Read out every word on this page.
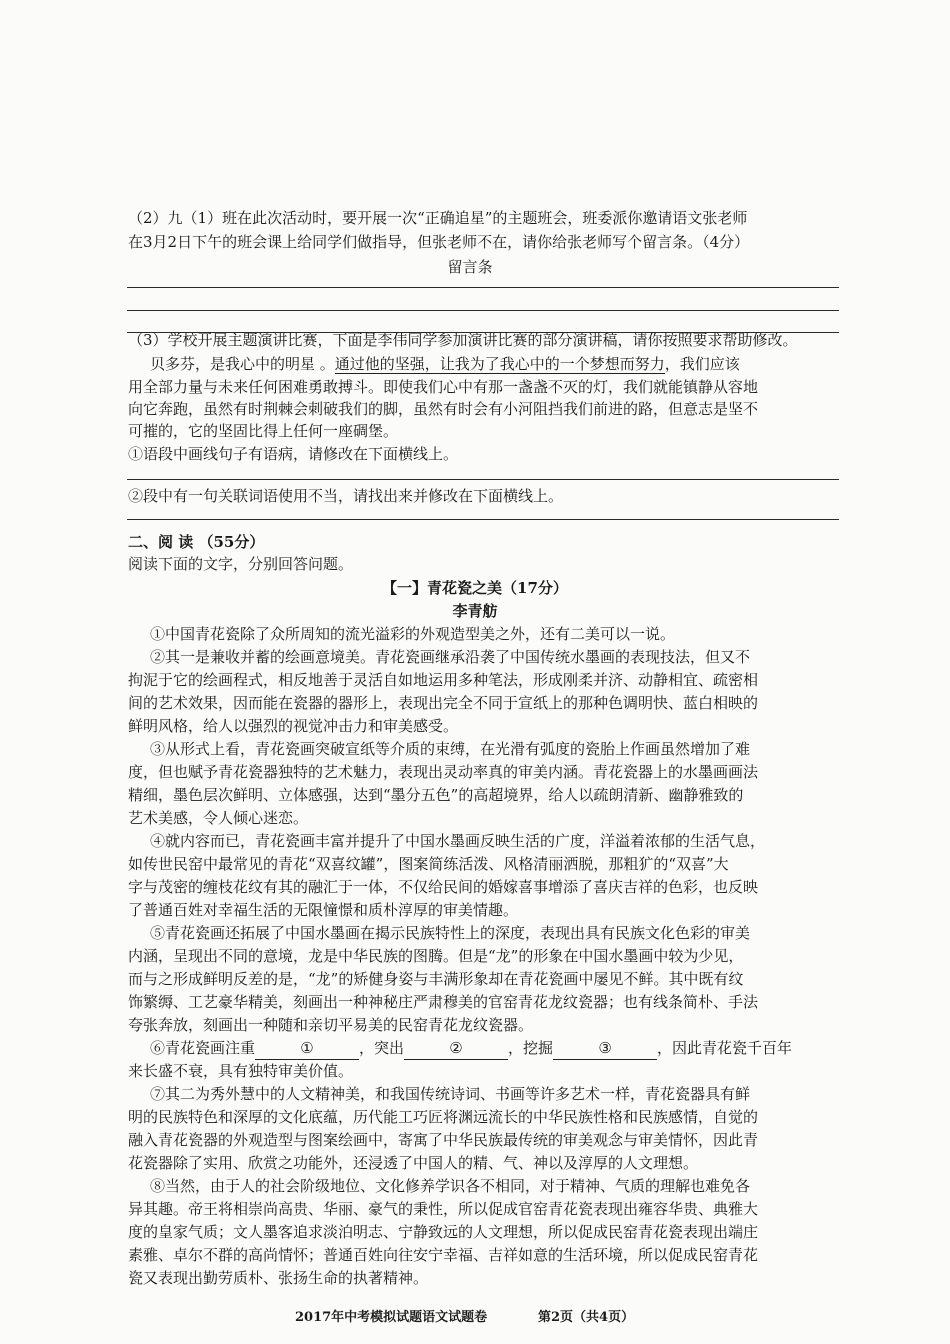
（2）九（1）班在此次活动时，要开展一次“正确追星”的主题班会，班委派你邀请语文张老师
在3月2日下午的班会课上给同学们做指导，但张老师不在，请你给张老师写个留言条。（4分）
留言条
（3）学校开展主题演讲比赛，下面是李伟同学参加演讲比赛的部分演讲稿，请你按照要求帮助修改。
贝多芬，是我心中的明星 。通过他的坚强，让我为了我心中的一个梦想而努力，我们应该
用全部力量与未来任何困难勇敢搏斗。即使我们心中有那一盏盏不灭的灯，我们就能镇静从容地
向它奔跑，虽然有时荆棘会刺破我们的脚，虽然有时会有小河阻挡我们前进的路，但意志是坚不
可摧的，它的坚固比得上任何一座碉堡。
①语段中画线句子有语病，请修改在下面横线上。
②段中有一句关联词语使用不当，请找出来并修改在下面横线上。
二、阅 读 （55分）
阅读下面的文字，分别回答问题。
【一】青花瓷之美（17分）
李青舫
①中国青花瓷除了众所周知的流光溢彩的外观造型美之外，还有二美可以一说。
②其一是兼收并蓄的绘画意境美。青花瓷画继承沿袭了中国传统水墨画的表现技法，但又不
拘泥于它的绘画程式，相反地善于灵活自如地运用多种笔法，形成刚柔并济、动静相宜、疏密相
间的艺术效果，因而能在瓷器的器形上，表现出完全不同于宣纸上的那种色调明快、蓝白相映的
鲜明风格，给人以强烈的视觉冲击力和审美感受。
③从形式上看，青花瓷画突破宣纸等介质的束缚，在光滑有弧度的瓷胎上作画虽然增加了难
度，但也赋予青花瓷器独特的艺术魅力，表现出灵动率真的审美内涵。青花瓷器上的水墨画画法
精细，墨色层次鲜明、立体感强，达到“墨分五色”的高超境界，给人以疏朗清新、幽静雅致的
艺术美感，令人倾心迷恋。
④就内容而已，青花瓷画丰富并提升了中国水墨画反映生活的广度，洋溢着浓郁的生活气息，
如传世民窑中最常见的青花“双喜纹罐”，图案简练活泼、风格清丽洒脱，那粗犷的“双喜”大
字与茂密的缠枝花纹有其的融汇于一体，不仅给民间的婚嫁喜事增添了喜庆吉祥的色彩，也反映
了普通百姓对幸福生活的无限憧憬和质朴淳厚的审美情趣。
⑤青花瓷画还拓展了中国水墨画在揭示民族特性上的深度，表现出具有民族文化色彩的审美
内涵，呈现出不同的意境，龙是中华民族的图腾。但是“龙”的形象在中国水墨画中较为少见，
而与之形成鲜明反差的是，“龙”的矫健身姿与丰满形象却在青花瓷画中屡见不鲜。其中既有纹
饰繁缛、工艺豪华精美，刻画出一种神秘庄严肃穆美的官窑青花龙纹瓷器；也有线条简朴、手法
夸张奔放，刻画出一种随和亲切平易美的民窑青花龙纹瓷器。
⑥青花瓷画注重	①	，突出	②	，挖掘	③	，因此青花瓷千百年
来长盛不衰，具有独特审美价值。
⑦其二为秀外慧中的人文精神美，和我国传统诗词、书画等许多艺术一样，青花瓷器具有鲜
明的民族特色和深厚的文化底蕴，历代能工巧匠将渊远流长的中华民族性格和民族感情，自觉的
融入青花瓷器的外观造型与图案绘画中，寄寓了中华民族最传统的审美观念与审美情怀，因此青
花瓷器除了实用、欣赏之功能外，还浸透了中国人的精、气、神以及淳厚的人文理想。
⑧当然，由于人的社会阶级地位、文化修养学识各不相同，对于精神、气质的理解也难免各
异其趣。帝王将相崇尚高贵、华丽、豪气的秉性，所以促成官窑青花瓷表现出雍容华贵、典雅大
度的皇家气质；文人墨客追求淡泊明志、宁静致远的人文理想，所以促成民窑青花瓷表现出端庄
素雅、卓尔不群的高尚情怀；普通百姓向往安宁幸福、吉祥如意的生活环境，所以促成民窑青花
瓷又表现出勤劳质朴、张扬生命的执著精神。
2017年中考模拟试题语文试题卷	第2页（共4页）
